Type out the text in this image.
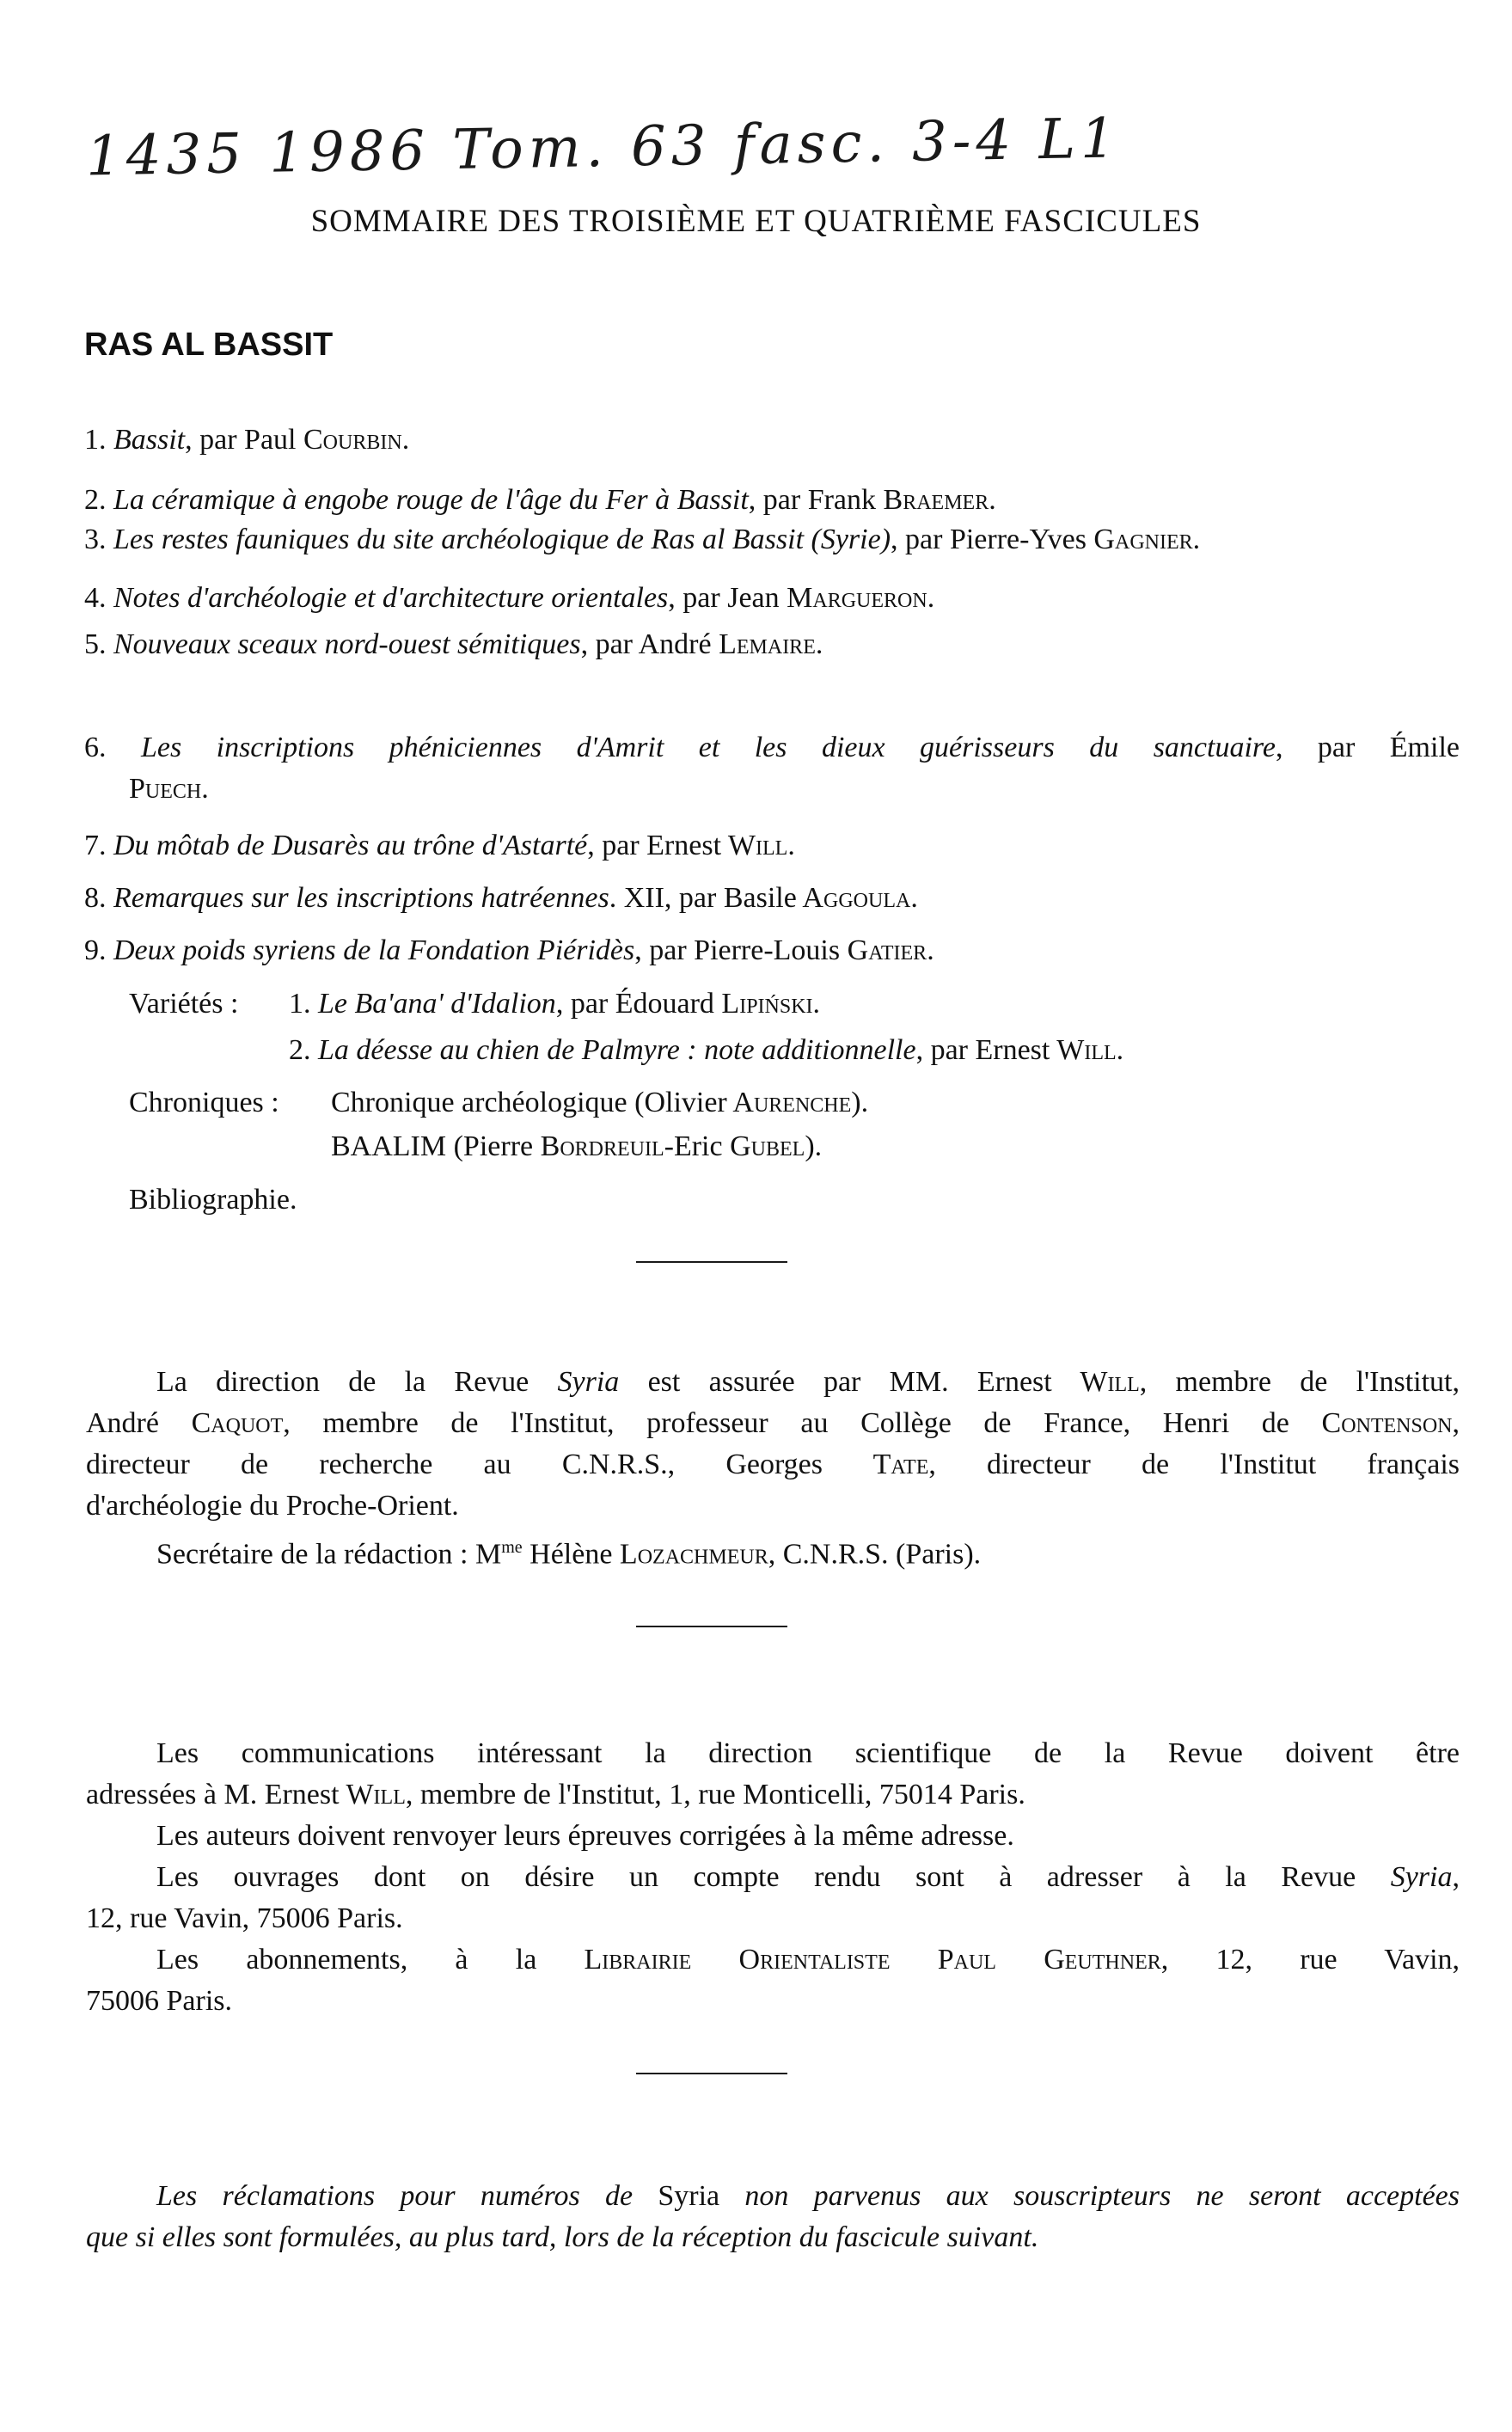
1435 1986 Tom. 63 fasc. 3-4 L1
SOMMAIRE DES TROISIÈME ET QUATRIÈME FASCICULES
RAS AL BASSIT
1. Bassit, par Paul Courbin.
2. La céramique à engobe rouge de l'âge du Fer à Bassit, par Frank Braemer.
3. Les restes fauniques du site archéologique de Ras al Bassit (Syrie), par Pierre-Yves Gagnier.
4. Notes d'archéologie et d'architecture orientales, par Jean Margueron.
5. Nouveaux sceaux nord-ouest sémitiques, par André Lemaire.
6. Les inscriptions phéniciennes d'Amrit et les dieux guérisseurs du sanctuaire, par Émile
Puech.
7. Du môtab de Dusarès au trône d'Astarté, par Ernest Will.
8. Remarques sur les inscriptions hatréennes. XII, par Basile Aggoula.
9. Deux poids syriens de la Fondation Piéridès, par Pierre-Louis Gatier.
Variétés : 1. Le Ba'ana' d'Idalion, par Édouard Lipiński.
2. La déesse au chien de Palmyre : note additionnelle, par Ernest Will.
Chroniques : Chronique archéologique (Olivier Aurenche).
BAALIM (Pierre Bordreuil-Eric Gubel).
Bibliographie.
La direction de la Revue Syria est assurée par MM. Ernest Will, membre de l'Institut,
André Caquot, membre de l'Institut, professeur au Collège de France, Henri de Contenson,
directeur de recherche au C.N.R.S., Georges Tate, directeur de l'Institut français

d'archéologie du Proche-Orient.

Secrétaire de la rédaction : $M^{me}$ Hélène Lozachmeur, C.N.R.S. (Paris).

Les communications intéressant la direction scientifique de la Revue doivent être

adressées à M. Ernest Will, membre de l'Institut, 1, rue Monticelli, 75014 Paris.

Les auteurs doivent renvoyer leurs épreuves corrigées à la même adresse.

Les ouvrages dont on désire un compte rendu sont à adresser à la Revue Syria,

12, rue Vavin, 75006 Paris.

Les abonnements, à la Librairie Orientaliste Paul Geuthner, 12, rue Vavin,

75006 Paris.

Les réclamations pour numéros de Syria non parvenus aux souscripteurs ne seront acceptées

que si elles sont formulées, au plus tard, lors de la réception du fascicule suivant.
